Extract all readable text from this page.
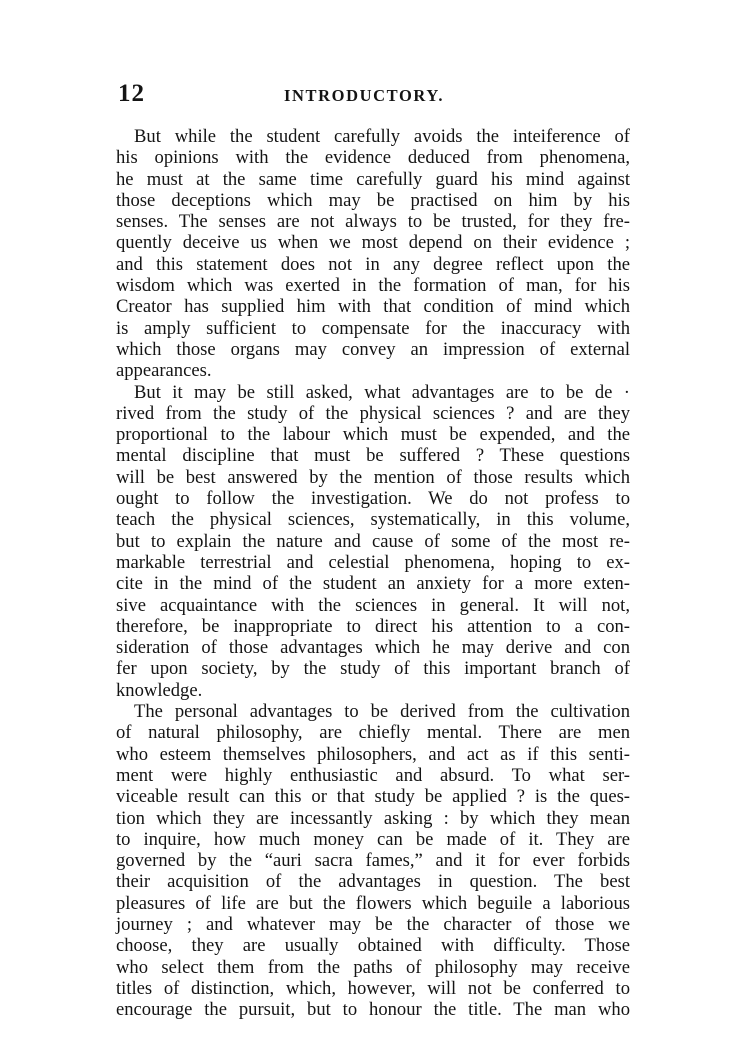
12	INTRODUCTORY.
But while the student carefully avoids the inteiference of
his opinions with the evidence deduced from phenomena,
he must at the same time carefully guard his mind against
those deceptions which may be practised on him by his
senses. The senses are not always to be trusted, for they fre-
quently deceive us when we most depend on their evidence ;
and this statement does not in any degree reflect upon the
wisdom which was exerted in the formation of man, for his
Creator has supplied him with that condition of mind which
is amply sufficient to compensate for the inaccuracy with
which those organs may convey an impression of external
appearances.
But it may be still asked, what advantages are to be de ·
rived from the study of the physical sciences ? and are they
proportional to the labour which must be expended, and the
mental discipline that must be suffered ? These questions
will be best answered by the mention of those results which
ought to follow the investigation. We do not profess to
teach the physical sciences, systematically, in this volume,
but to explain the nature and cause of some of the most re-
markable terrestrial and celestial phenomena, hoping to ex-
cite in the mind of the student an anxiety for a more exten-
sive acquaintance with the sciences in general. It will not,
therefore, be inappropriate to direct his attention to a con-
sideration of those advantages which he may derive and con
fer upon society, by the study of this important branch of
knowledge.
The personal advantages to be derived from the cultivation
of natural philosophy, are chiefly mental. There are men
who esteem themselves philosophers, and act as if this senti-
ment were highly enthusiastic and absurd. To what ser-
viceable result can this or that study be applied ? is the ques-
tion which they are incessantly asking : by which they mean
to inquire, how much money can be made of it. They are
governed by the “auri sacra fames,” and it for ever forbids
their acquisition of the advantages in question. The best
pleasures of life are but the flowers which beguile a laborious
journey ; and whatever may be the character of those we
choose, they are usually obtained with difficulty. Those
who select them from the paths of philosophy may receive
titles of distinction, which, however, will not be conferred to
encourage the pursuit, but to honour the title. The man who
